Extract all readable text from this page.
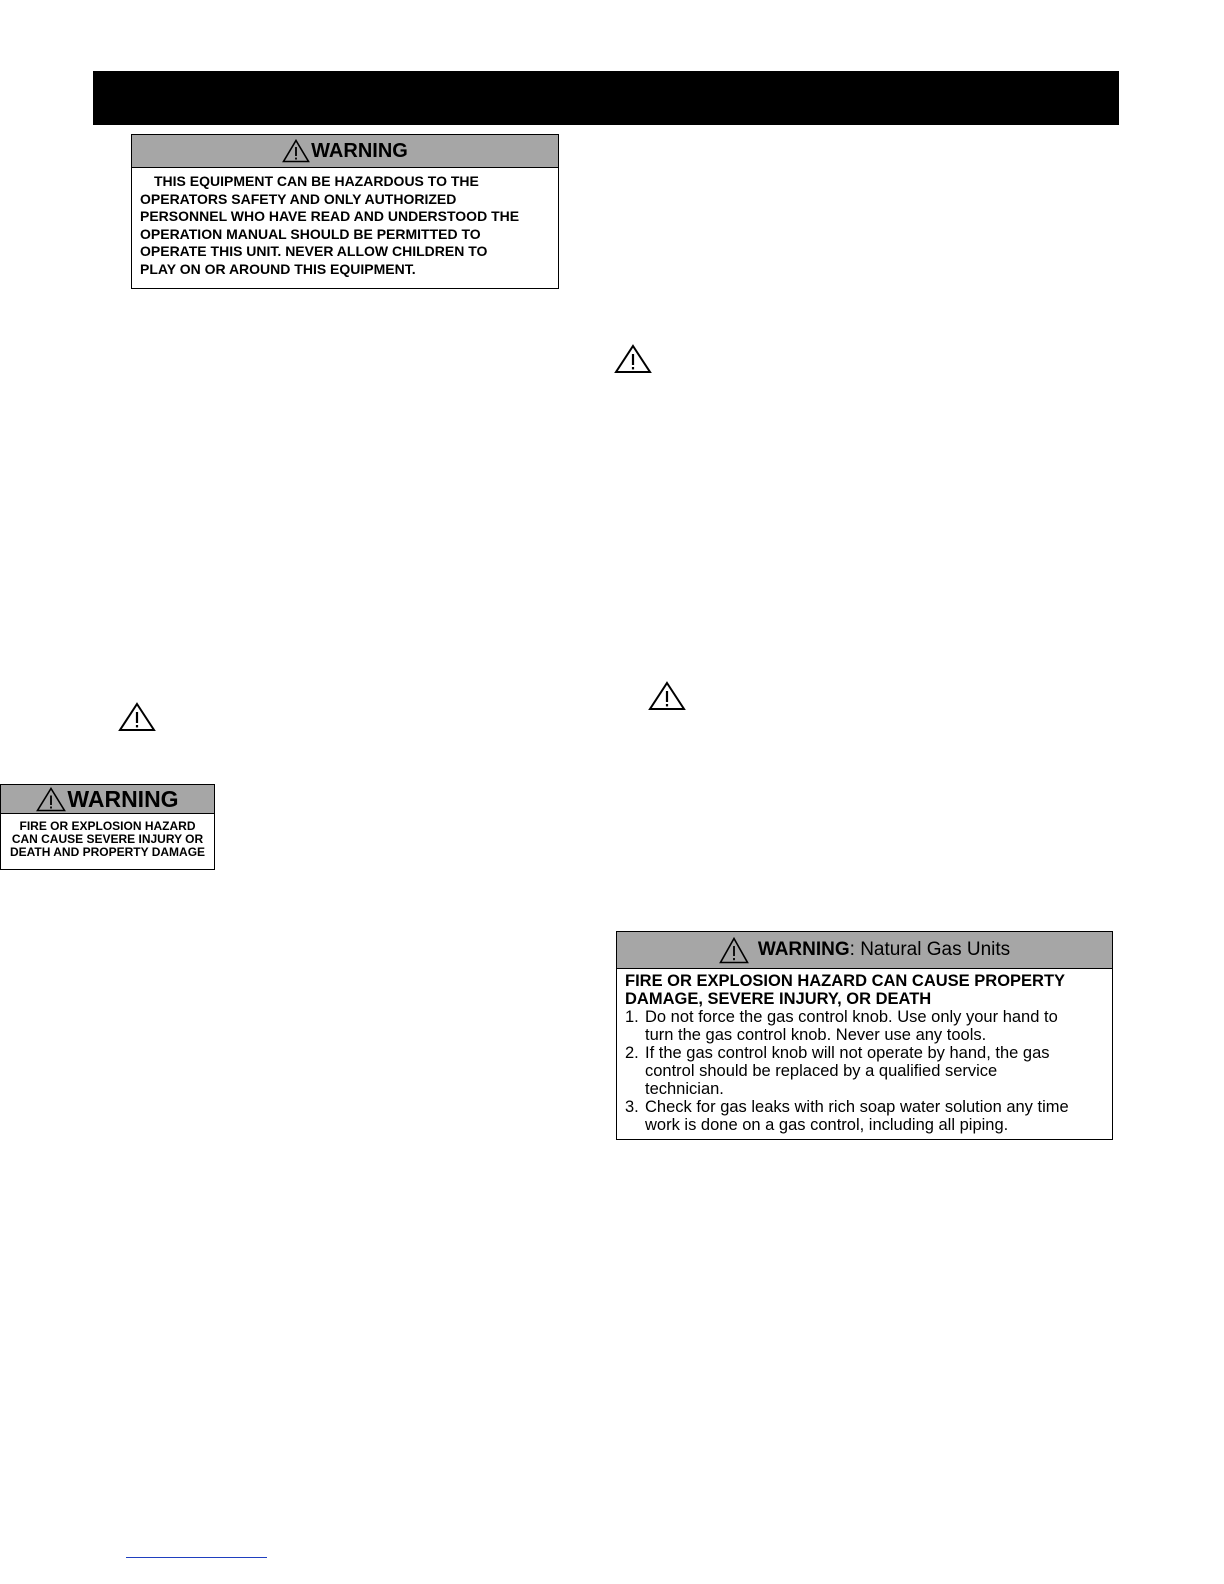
WARNING

THIS EQUIPMENT CAN BE HAZARDOUS TO THE

OPERATORS SAFETY AND ONLY AUTHORIZED

PERSONNEL WHO HAVE READ AND UNDERSTOOD THE

OPERATION MANUAL SHOULD BE PERMITTED TO

OPERATE THIS UNIT. NEVER ALLOW CHILDREN TO

PLAY ON OR AROUND THIS EQUIPMENT.

WARNING

FIRE OR EXPLOSION HAZARD

CAN CAUSE SEVERE INJURY OR

DEATH AND PROPERTY DAMAGE

WARNING: Natural Gas Units

FIRE OR EXPLOSION HAZARD CAN CAUSE PROPERTY
DAMAGE, SEVERE INJURY, OR DEATH

1. Do not force the gas control knob. Use only your hand to
turn the gas control knob. Never use any tools.
2. If the gas control knob will not operate by hand, the gas
control should be replaced by a qualified service
technician.
3. Check for gas leaks with rich soap water solution any time
work is done on a gas control, including all piping.
